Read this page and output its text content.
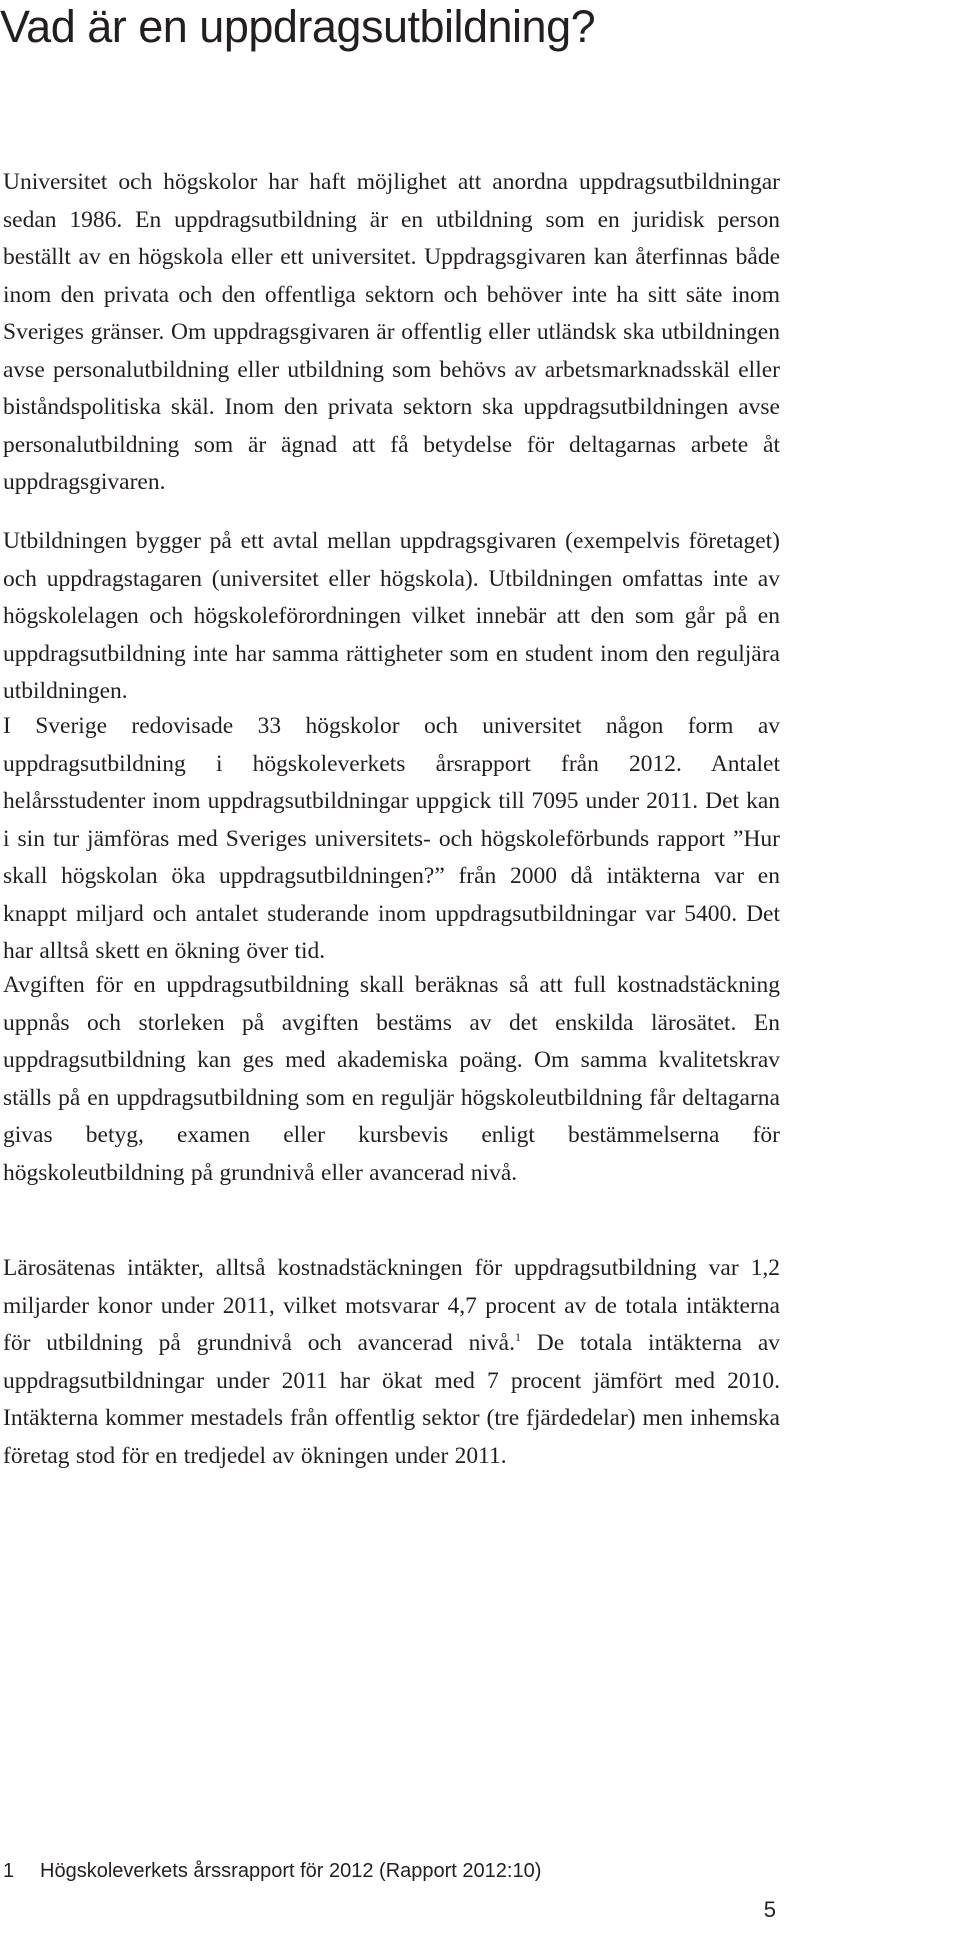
Vad är en uppdragsutbildning?

Universitet och högskolor har haft möjlighet att anordna uppdragsutbildningar sedan 1986. En uppdragsutbildning är en utbildning som en juridisk person beställt av en högskola eller ett universitet. Uppdragsgivaren kan återfinnas både inom den privata och den offentliga sektorn och behöver inte ha sitt säte inom Sveriges gränser. Om uppdragsgivaren är offentlig eller utländsk ska utbildningen avse personalutbildning eller utbildning som behövs av arbetsmarknadsskäl eller biståndspolitiska skäl. Inom den privata sektorn ska uppdragsutbildningen avse personalutbildning som är ägnad att få betydelse för deltagarnas arbete åt uppdragsgivaren.

Utbildningen bygger på ett avtal mellan uppdragsgivaren (exempelvis företaget) och uppdragstagaren (universitet eller högskola). Utbildningen omfattas inte av högskolelagen och högskoleförordningen vilket innebär att den som går på en uppdragsutbildning inte har samma rättigheter som en student inom den reguljära utbildningen.

I Sverige redovisade 33 högskolor och universitet någon form av uppdragsutbildning i högskoleverkets årsrapport från 2012. Antalet helårsstudenter inom uppdragsutbildningar uppgick till 7095 under 2011. Det kan i sin tur jämföras med Sveriges universitets- och högskoleförbunds rapport ”Hur skall högskolan öka uppdragsutbildningen?” från 2000 då intäkterna var en knappt miljard och antalet studerande inom uppdragsutbildningar var 5400. Det har alltså skett en ökning över tid.

Avgiften för en uppdragsutbildning skall beräknas så att full kostnadstäckning uppnås och storleken på avgiften bestäms av det enskilda lärosätet. En uppdragsutbildning kan ges med akademiska poäng. Om samma kvalitetskrav ställs på en uppdragsutbildning som en reguljär högskoleutbildning får deltagarna givas betyg, examen eller kursbevis enligt bestämmelserna för högskoleutbildning på grundnivå eller avancerad nivå.

Lärosätenas intäkter, alltså kostnadstäckningen för uppdragsutbildning var 1,2 miljarder konor under 2011, vilket motsvarar 4,7 procent av de totala intäkterna för utbildning på grundnivå och avancerad nivå.$^1$ De totala intäkterna av uppdragsutbildningar under 2011 har ökat med 7 procent jämfört med 2010. Intäkterna kommer mestadels från offentlig sektor (tre fjärdedelar) men inhemska företag stod för en tredjedel av ökningen under 2011.

1 Högskoleverkets årssrapport för 2012 (Rapport 2012:10)

5
